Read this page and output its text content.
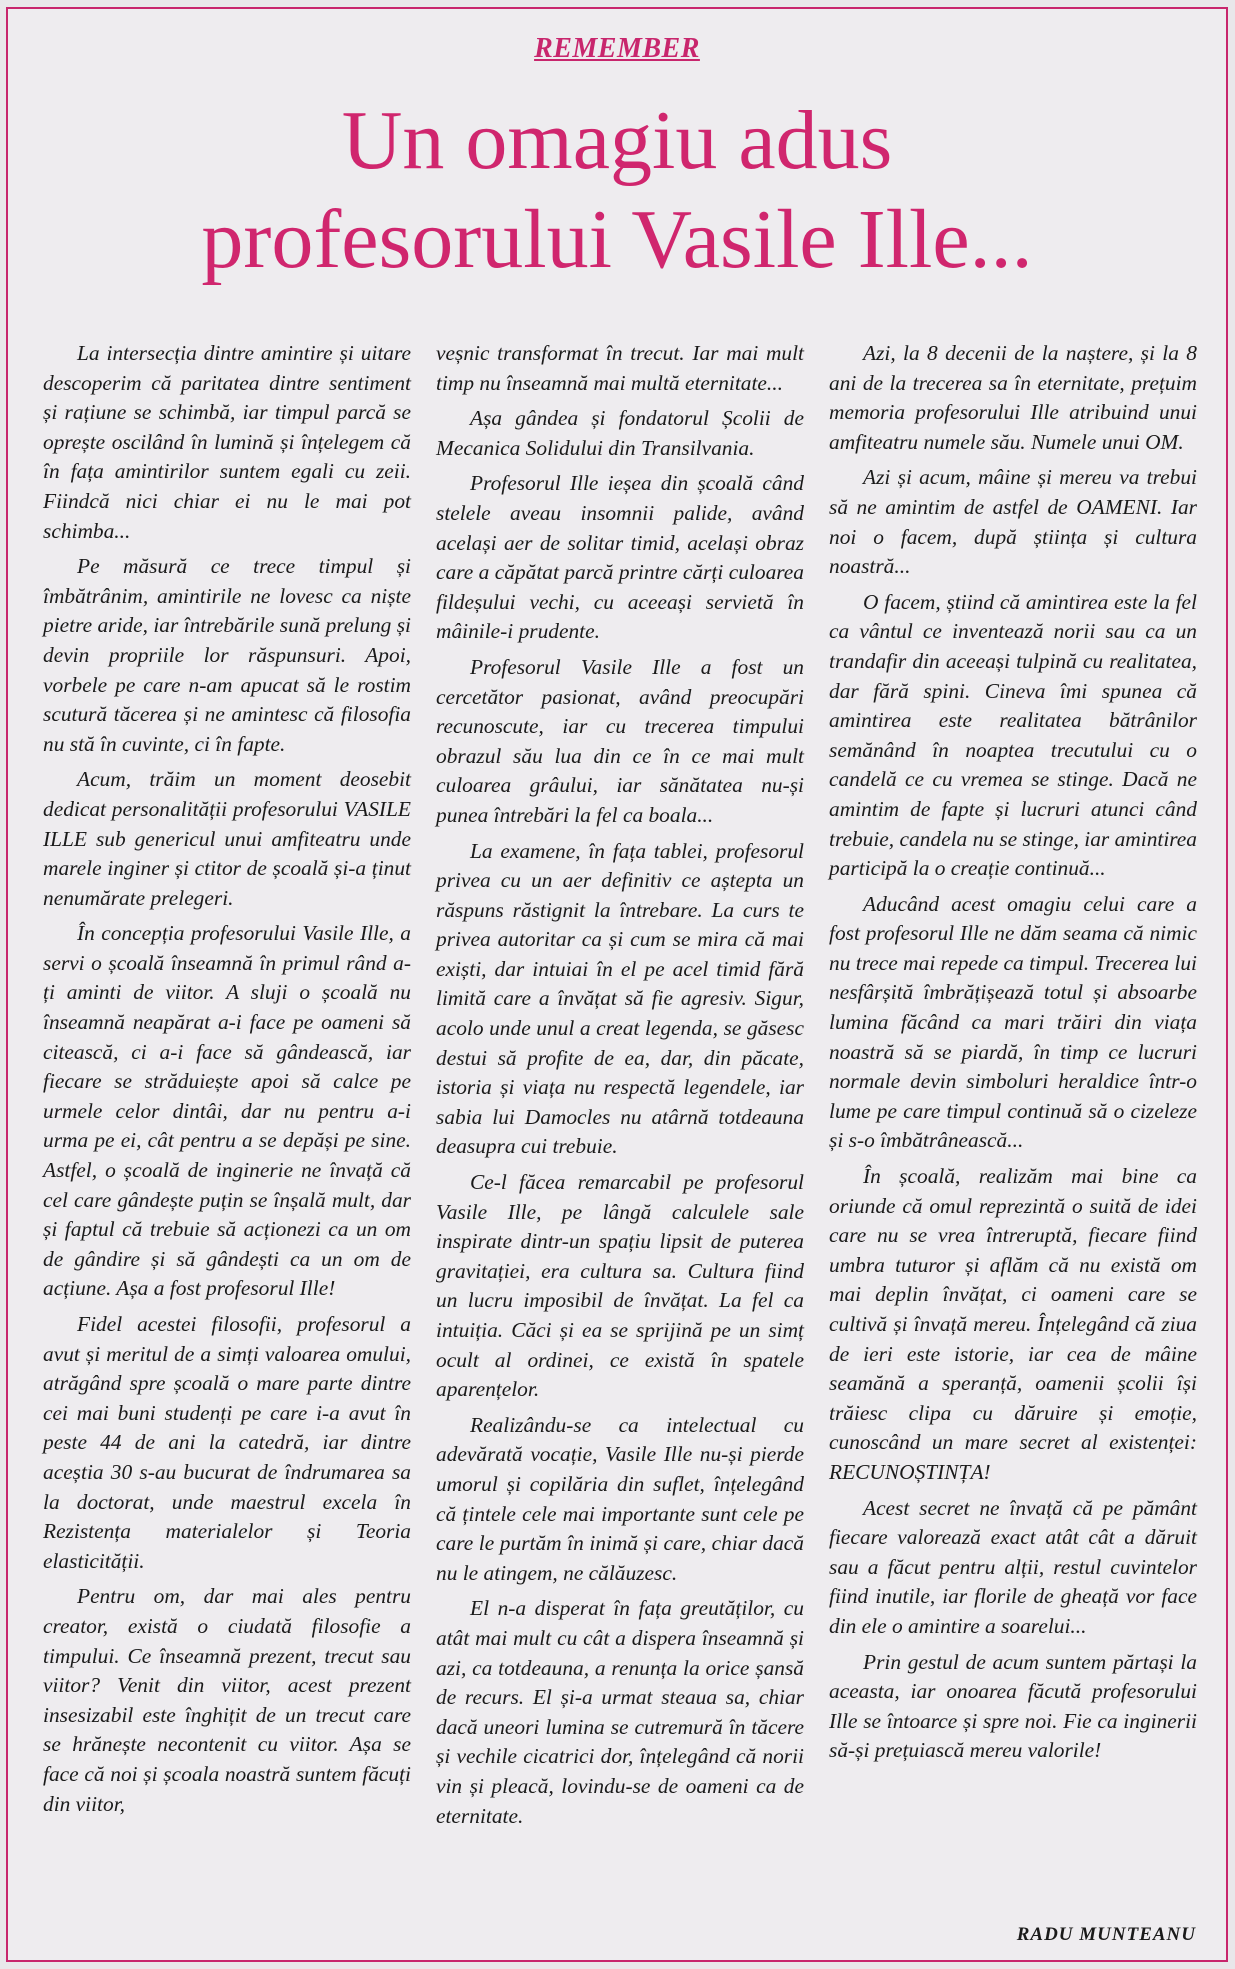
REMEMBER
Un omagiu adus
profesorului Vasile Ille...

La intersecția dintre amintire și uitare descoperim că paritatea dintre sentiment și rațiune se schimbă, iar timpul parcă se oprește oscilând în lumină și înțelegem că în fața amintirilor suntem egali cu zeii. Fiindcă nici chiar ei nu le mai pot schimba...

Pe măsură ce trece timpul și îmbătrânim, amintirile ne lovesc ca niște pietre aride, iar întrebările sună prelung și devin propriile lor răspunsuri. Apoi, vorbele pe care n-am apucat să le rostim scutură tăcerea și ne amintesc că filosofia nu stă în cuvinte, ci în fapte.

Acum, trăim un moment deosebit dedicat personalității profesorului VASILE ILLE sub genericul unui amfiteatru unde marele inginer și ctitor de școală și-a ținut nenumărate prelegeri.

În concepția profesorului Vasile Ille, a servi o școală înseamnă în primul rând a-ți aminti de viitor. A sluji o școală nu înseamnă neapărat a-i face pe oameni să citească, ci a-i face să gândească, iar fiecare se străduiește apoi să calce pe urmele celor dintâi, dar nu pentru a-i urma pe ei, cât pentru a se depăși pe sine. Astfel, o școală de inginerie ne învață că cel care gândește puțin se înșală mult, dar și faptul că trebuie să acționezi ca un om de gândire și să gândești ca un om de acțiune. Așa a fost profesorul Ille!

Fidel acestei filosofii, profesorul a avut și meritul de a simți valoarea omului, atrăgând spre școală o mare parte dintre cei mai buni studenți pe care i-a avut în peste 44 de ani la catedră, iar dintre aceștia 30 s-au bucurat de îndrumarea sa la doctorat, unde maestrul excela în Rezistența materialelor și Teoria elasticității.

Pentru om, dar mai ales pentru creator, există o ciudată filosofie a timpului. Ce înseamnă prezent, trecut sau viitor? Venit din viitor, acest prezent insesizabil este înghițit de un trecut care se hrănește necontenit cu viitor. Așa se face că noi și școala noastră suntem făcuți din viitor,

veșnic transformat în trecut. Iar mai mult timp nu înseamnă mai multă eternitate...

Așa gândea și fondatorul Școlii de Mecanica Solidului din Transilvania.

Profesorul Ille ieșea din școală când stelele aveau insomnii palide, având același aer de solitar timid, același obraz care a căpătat parcă printre cărți culoarea fildeșului vechi, cu aceeași servietă în mâinile-i prudente.

Profesorul Vasile Ille a fost un cercetător pasionat, având preocupări recunoscute, iar cu trecerea timpului obrazul său lua din ce în ce mai mult culoarea grâului, iar sănătatea nu-și punea întrebări la fel ca boala...

La examene, în fața tablei, profesorul privea cu un aer definitiv ce aștepta un răspuns răstignit la întrebare. La curs te privea autoritar ca și cum se mira că mai exiști, dar intuiai în el pe acel timid fără limită care a învățat să fie agresiv. Sigur, acolo unde unul a creat legenda, se găsesc destui să profite de ea, dar, din păcate, istoria și viața nu respectă legendele, iar sabia lui Damocles nu atârnă totdeauna deasupra cui trebuie.

Ce-l făcea remarcabil pe profesorul Vasile Ille, pe lângă calculele sale inspirate dintr-un spațiu lipsit de puterea gravitației, era cultura sa. Cultura fiind un lucru imposibil de învățat. La fel ca intuiția. Căci și ea se sprijină pe un simț ocult al ordinei, ce există în spatele aparențelor.

Realizându-se ca intelectual cu adevărată vocație, Vasile Ille nu-și pierde umorul și copilăria din suflet, înțelegând că țintele cele mai importante sunt cele pe care le purtăm în inimă și care, chiar dacă nu le atingem, ne călăuzesc.

El n-a disperat în fața greutăților, cu atât mai mult cu cât a dispera înseamnă și azi, ca totdeauna, a renunța la orice șansă de recurs. El și-a urmat steaua sa, chiar dacă uneori lumina se cutremură în tăcere și vechile cicatrici dor, înțelegând că norii vin și pleacă, lovindu-se de oameni ca de eternitate.

Azi, la 8 decenii de la naștere, și la 8 ani de la trecerea sa în eternitate, prețuim memoria profesorului Ille atribuind unui amfiteatru numele său. Numele unui OM.

Azi și acum, mâine și mereu va trebui să ne amintim de astfel de OAMENI. Iar noi o facem, după știința și cultura noastră...

O facem, știind că amintirea este la fel ca vântul ce inventează norii sau ca un trandafir din aceeași tulpină cu realitatea, dar fără spini. Cineva îmi spunea că amintirea este realitatea bătrânilor semănând în noaptea trecutului cu o candelă ce cu vremea se stinge. Dacă ne amintim de fapte și lucruri atunci când trebuie, candela nu se stinge, iar amintirea participă la o creație continuă...

Aducând acest omagiu celui care a fost profesorul Ille ne dăm seama că nimic nu trece mai repede ca timpul. Trecerea lui nesfârșită îmbrățișează totul și absoarbe lumina făcând ca mari trăiri din viața noastră să se piardă, în timp ce lucruri normale devin simboluri heraldice într-o lume pe care timpul continuă să o cizeleze și s-o îmbătrânească...

În școală, realizăm mai bine ca oriunde că omul reprezintă o suită de idei care nu se vrea întreruptă, fiecare fiind umbra tuturor și aflăm că nu există om mai deplin învățat, ci oameni care se cultivă și învață mereu. Înțelegând că ziua de ieri este istorie, iar cea de mâine seamănă a speranță, oamenii școlii își trăiesc clipa cu dăruire și emoție, cunoscând un mare secret al existenței: RECUNOȘTINȚA!

Acest secret ne învață că pe pământ fiecare valorează exact atât cât a dăruit sau a făcut pentru alții, restul cuvintelor fiind inutile, iar florile de gheață vor face din ele o amintire a soarelui...

Prin gestul de acum suntem părtași la aceasta, iar onoarea făcută profesorului Ille se întoarce și spre noi. Fie ca inginerii să-și prețuiască mereu valorile!

RADU MUNTEANU
